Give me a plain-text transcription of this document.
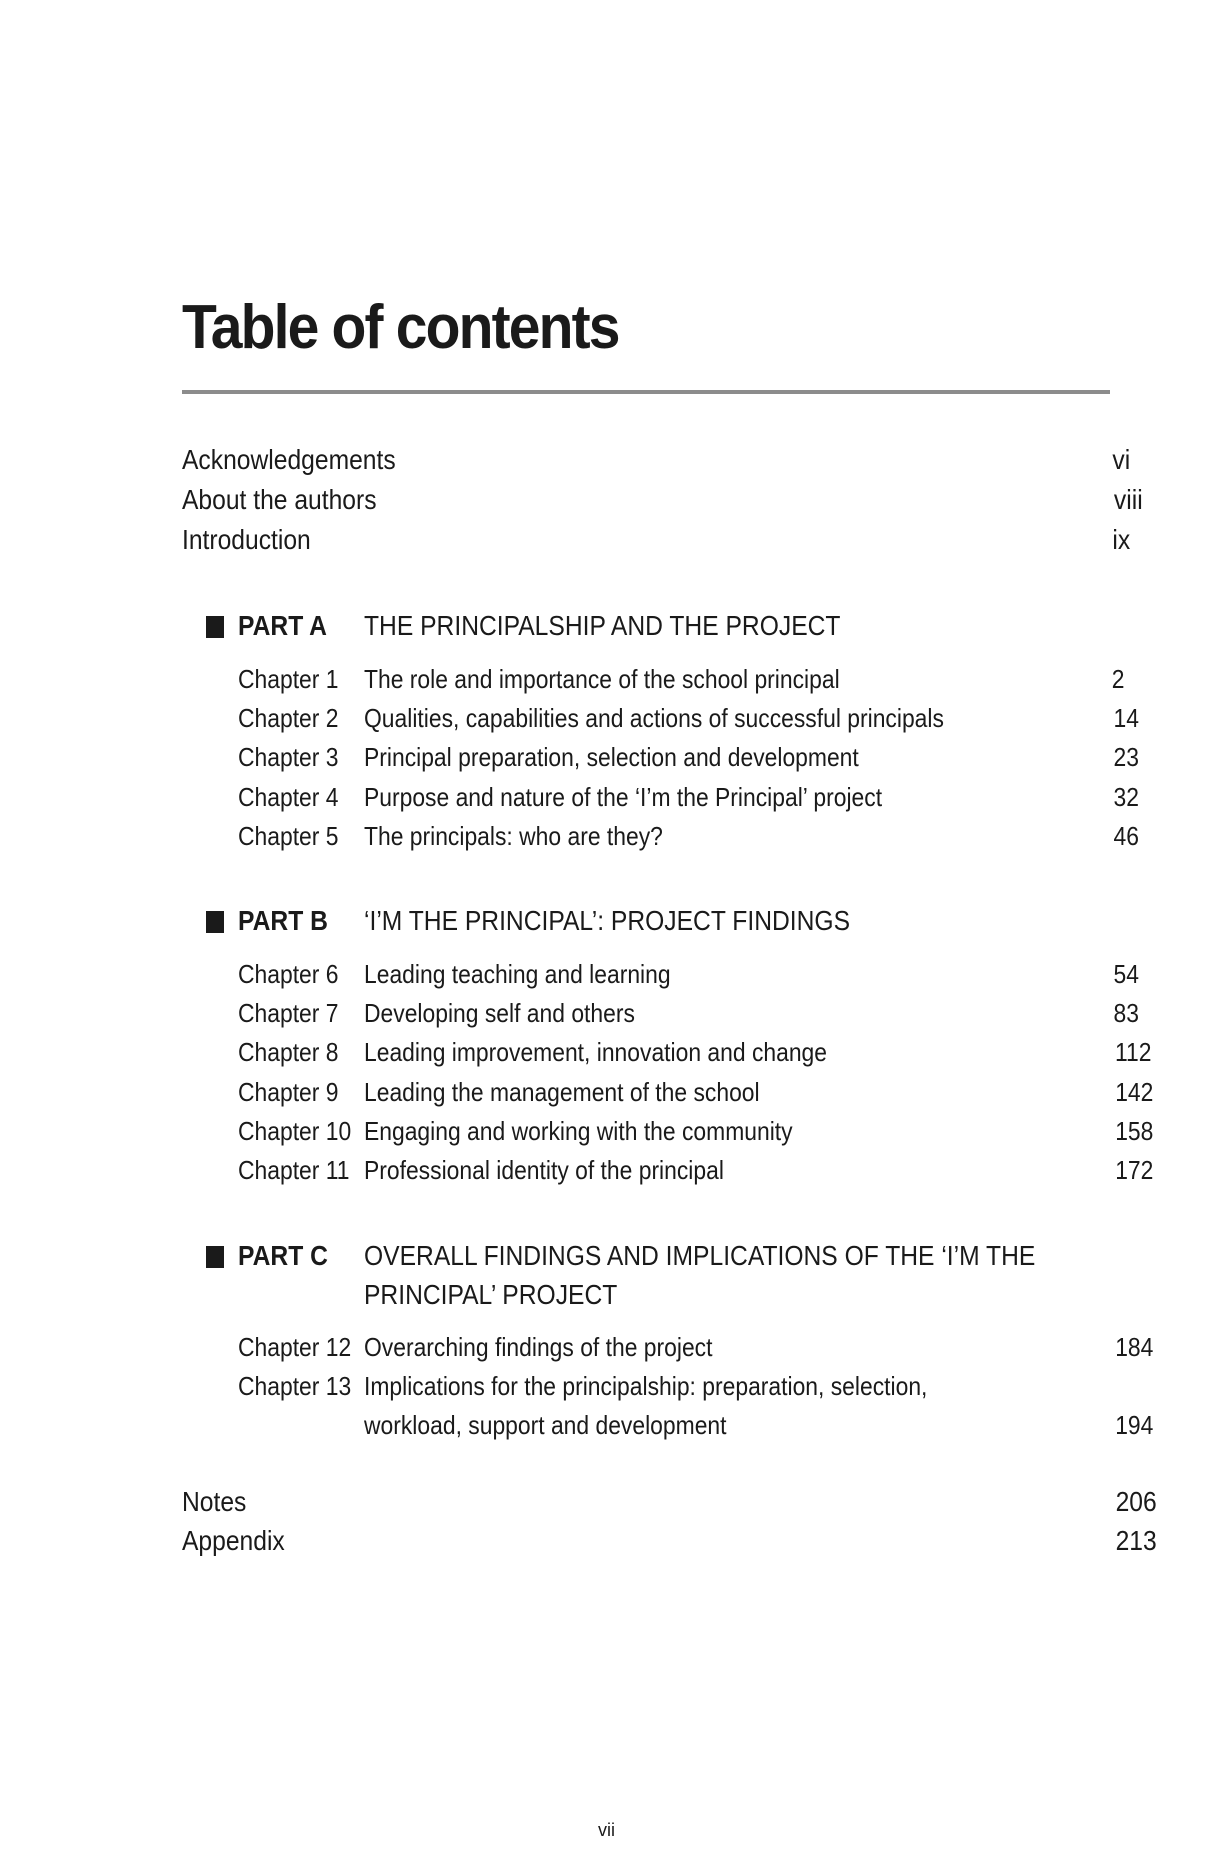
Table of contents
Acknowledgements	vi
About the authors	viii
Introduction	ix
PART A THE PRINCIPALSHIP AND THE PROJECT
Chapter 1 The role and importance of the school principal	2
Chapter 2 Qualities, capabilities and actions of successful principals	14
Chapter 3 Principal preparation, selection and development	23
Chapter 4 Purpose and nature of the ‘I’m the Principal’ project	32
Chapter 5 The principals: who are they?	46
PART B ‘I’M THE PRINCIPAL’: PROJECT FINDINGS
Chapter 6 Leading teaching and learning	54
Chapter 7 Developing self and others	83
Chapter 8 Leading improvement, innovation and change	112
Chapter 9 Leading the management of the school	142
Chapter 10 Engaging and working with the community	158
Chapter 11 Professional identity of the principal	172
PART C OVERALL FINDINGS AND IMPLICATIONS OF THE ‘I’M THE
PRINCIPAL’ PROJECT
Chapter 12 Overarching findings of the project	184
Chapter 13 Implications for the principalship: preparation, selection,
workload, support and development	194
Notes	206
Appendix	213
vii
